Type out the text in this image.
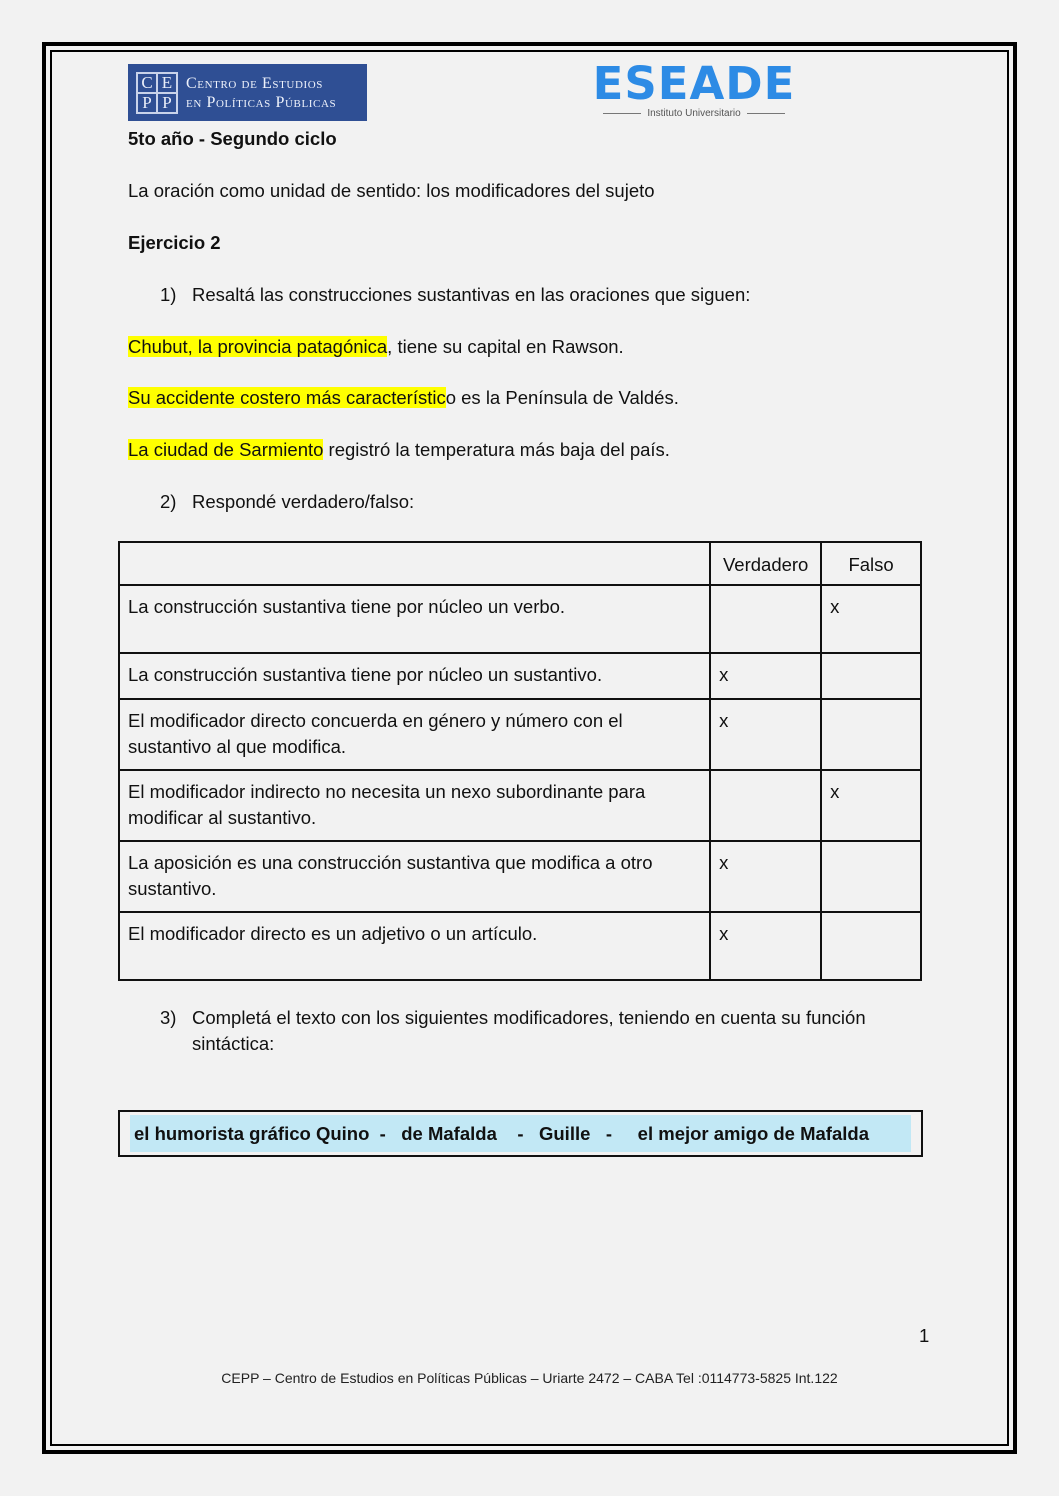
C E
P P
Centro de Estudios
en Políticas Públicas	ESEADE
Instituto Universitario
5to año - Segundo ciclo
La oración como unidad de sentido: los modificadores del sujeto
Ejercicio 2
1) Resaltá las construcciones sustantivas en las oraciones que siguen:
Chubut, la provincia patagónica, tiene su capital en Rawson.
Su accidente costero más característico es la Península de Valdés.
La ciudad de Sarmiento registró la temperatura más baja del país.
2) Respondé verdadero/falso:
	Verdadero	Falso
La construcción sustantiva tiene por núcleo un verbo.		x
La construcción sustantiva tiene por núcleo un sustantivo.	x	
El modificador directo concuerda en género y número con el sustantivo al que modifica.	x	
El modificador indirecto no necesita un nexo subordinante para modificar al sustantivo.		x
La aposición es una construcción sustantiva que modifica a otro sustantivo.	x	
El modificador directo es un adjetivo o un artículo.	x	
3) Completá el texto con los siguientes modificadores, teniendo en cuenta su función
sintáctica:
el humorista gráfico Quino  -   de Mafalda    -   Guille   -     el mejor amigo de Mafalda
1
CEPP – Centro de Estudios en Políticas Públicas – Uriarte 2472 – CABA Tel :0114773-5825 Int.122
